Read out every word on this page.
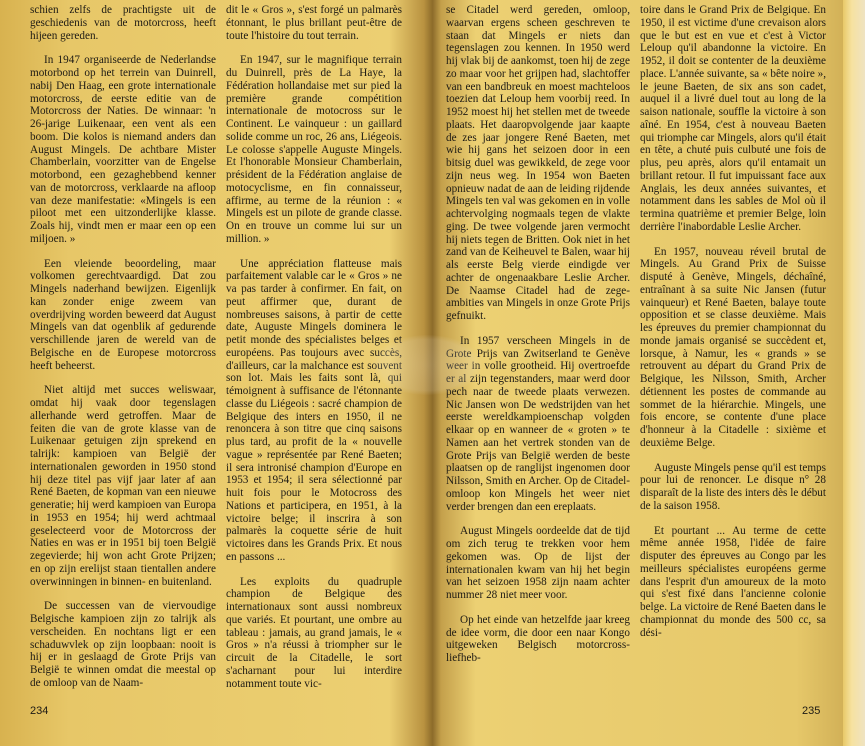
schien zelfs de prachtigste uit de geschiedenis van de motorcross, heeft hijeen gereden.

In 1947 organiseerde de Nederlandse motorbond op het terrein van Duinrell, nabij Den Haag, een grote internationale motorcross, de eerste editie van de Motorcross der Naties. De winnaar: 'n 26-jarige Luikenaar, een vent als een boom. Die kolos is niemand anders dan August Mingels. De achtbare Mister Chamberlain, voorzitter van de Engelse motorbond, een gezaghebbend kenner van de motorcross, verklaarde na afloop van deze manifestatie: «Mingels is een piloot met een uitzonderlijke klasse. Zoals hij, vindt men er maar een op een miljoen. »

Een vleiende beoordeling, maar volkomen gerechtvaardigd. Dat zou Mingels naderhand bewijzen. Eigenlijk kan zonder enige zweem van overdrijving worden beweerd dat August Mingels van dat ogenblik af gedurende verschillende jaren de wereld van de Belgische en de Europese motorcross heeft beheerst.

Niet altijd met succes weliswaar, omdat hij vaak door tegenslagen allerhande werd getroffen. Maar de feiten die van de grote klasse van de Luikenaar getuigen zijn sprekend en talrijk: kampioen van België der internationalen geworden in 1950 stond hij deze titel pas vijf jaar later af aan René Baeten, de kopman van een nieuwe generatie; hij werd kampioen van Europa in 1953 en 1954; hij werd achtmaal geselecteerd voor de Motorcross der Naties en was er in 1951 bij toen België zegevierde; hij won acht Grote Prijzen; en op zijn erelijst staan tientallen andere overwinningen in binnen- en buitenland.

De successen van de viervoudige Belgische kampioen zijn zo talrijk als verscheiden. En nochtans ligt er een schaduwvlek op zijn loopbaan: nooit is hij er in geslaagd de Grote Prijs van België te winnen omdat die meestal op de omloop van de Naam-

dit le « Gros », s'est forgé un palmarès étonnant, le plus brillant peut-être de toute l'histoire du tout terrain.

En 1947, sur le magnifique terrain du Duinrell, près de La Haye, la Fédération hollandaise met sur pied la première grande compétition internationale de motocross sur le Continent. Le vainqueur : un gaillard solide comme un roc, 26 ans, Liégeois. Le colosse s'appelle Auguste Mingels. Et l'honorable Monsieur Chamberlain, président de la Fédération anglaise de motocyclisme, en fin connaisseur, affirme, au terme de la réunion : « Mingels est un pilote de grande classe. On en trouve un comme lui sur un million. »

Une appréciation flatteuse mais parfaitement valable car le « Gros » ne va pas tarder à confirmer. En fait, on peut affirmer que, durant de nombreuses saisons, à partir de cette date, Auguste Mingels dominera le petit monde des spécialistes belges et européens. Pas toujours avec succès, d'ailleurs, car la malchance est souvent son lot. Mais les faits sont là, qui témoignent à suffisance de l'étonnante classe du Liégeois : sacré champion de Belgique des inters en 1950, il ne renoncera à son titre que cinq saisons plus tard, au profit de la « nouvelle vague » représentée par René Baeten; il sera intronisé champion d'Europe en 1953 et 1954; il sera sélectionné par huit fois pour le Motocross des Nations et participera, en 1951, à la victoire belge; il inscrira à son palmarès la coquette série de huit victoires dans les Grands Prix. Et nous en passons ...

Les exploits du quadruple champion de Belgique des internationaux sont aussi nombreux que variés. Et pourtant, une ombre au tableau : jamais, au grand jamais, le « Gros » n'a réussi à triompher sur le circuit de la Citadelle, le sort s'acharnant pour lui interdire notamment toute vic-

234

se Citadel werd gereden, omloop, waarvan ergens scheen geschreven te staan dat Mingels er niets dan tegenslagen zou kennen. In 1950 werd hij vlak bij de aankomst, toen hij de zege zo maar voor het grijpen had, slachtoffer van een bandbreuk en moest machteloos toezien dat Leloup hem voorbij reed. In 1952 moest hij het stellen met de tweede plaats. Het daaropvolgende jaar kaapte de zes jaar jongere René Baeten, met wie hij gans het seizoen door in een bitsig duel was gewikkeld, de zege voor zijn neus weg. In 1954 won Baeten opnieuw nadat de aan de leiding rijdende Mingels ten val was gekomen en in volle achtervolging nogmaals tegen de vlakte ging. De twee volgende jaren vermocht hij niets tegen de Britten. Ook niet in het zand van de Keiheuvel te Balen, waar hij als eerste Belg vierde eindigde ver achter de ongenaakbare Leslie Archer. De Naamse Citadel had de zege-ambities van Mingels in onze Grote Prijs gefnuikt.

In 1957 verscheen Mingels in de Grote Prijs van Zwitserland te Genève weer in volle grootheid. Hij overtroefde er al zijn tegenstanders, maar werd door pech naar de tweede plaats verwezen. Nic Jansen won De wedstrijden van het eerste wereldkampioenschap volgden elkaar op en wanneer de « groten » te Namen aan het vertrek stonden van de Grote Prijs van België werden de beste plaatsen op de ranglijst ingenomen door Nilsson, Smith en Archer. Op de Citadel-omloop kon Mingels het weer niet verder brengen dan een ereplaats.

August Mingels oordeelde dat de tijd om zich terug te trekken voor hem gekomen was. Op de lijst der internationalen kwam van hij het begin van het seizoen 1958 zijn naam achter nummer 28 niet meer voor.

Op het einde van hetzelfde jaar kreeg de idee vorm, die door een naar Kongo uitgeweken Belgisch motorcross-liefheb-

toire dans le Grand Prix de Belgique. En 1950, il est victime d'une crevaison alors que le but est en vue et c'est à Victor Leloup qu'il abandonne la victoire. En 1952, il doit se contenter de la deuxième place. L'année suivante, sa « bête noire », le jeune Baeten, de six ans son cadet, auquel il a livré duel tout au long de la saison nationale, souffle la victoire à son aîné. En 1954, c'est à nouveau Baeten qui triomphe car Mingels, alors qu'il était en tête, a chuté puis culbuté une fois de plus, peu après, alors qu'il entamait un brillant retour. Il fut impuissant face aux Anglais, les deux années suivantes, et notamment dans les sables de Mol où il termina quatrième et premier Belge, loin derrière l'inabordable Leslie Archer.

En 1957, nouveau réveil brutal de Mingels. Au Grand Prix de Suisse disputé à Genève, Mingels, déchaîné, entraînant à sa suite Nic Jansen (futur vainqueur) et René Baeten, balaye toute opposition et se classe deuxième. Mais les épreuves du premier championnat du monde jamais organisé se succèdent et, lorsque, à Namur, les « grands » se retrouvent au départ du Grand Prix de Belgique, les Nilsson, Smith, Archer détiennent les postes de commande au sommet de la hiérarchie. Mingels, une fois encore, se contente d'une place d'honneur à la Citadelle : sixième et deuxième Belge.

Auguste Mingels pense qu'il est temps pour lui de renoncer. Le disque n° 28 disparaît de la liste des inters dès le début de la saison 1958.

Et pourtant ... Au terme de cette même année 1958, l'idée de faire disputer des épreuves au Congo par les meilleurs spécialistes européens germe dans l'esprit d'un amoureux de la moto qui s'est fixé dans l'ancienne colonie belge. La victoire de René Baeten dans le championnat du monde des 500 cc, sa dési-

235
